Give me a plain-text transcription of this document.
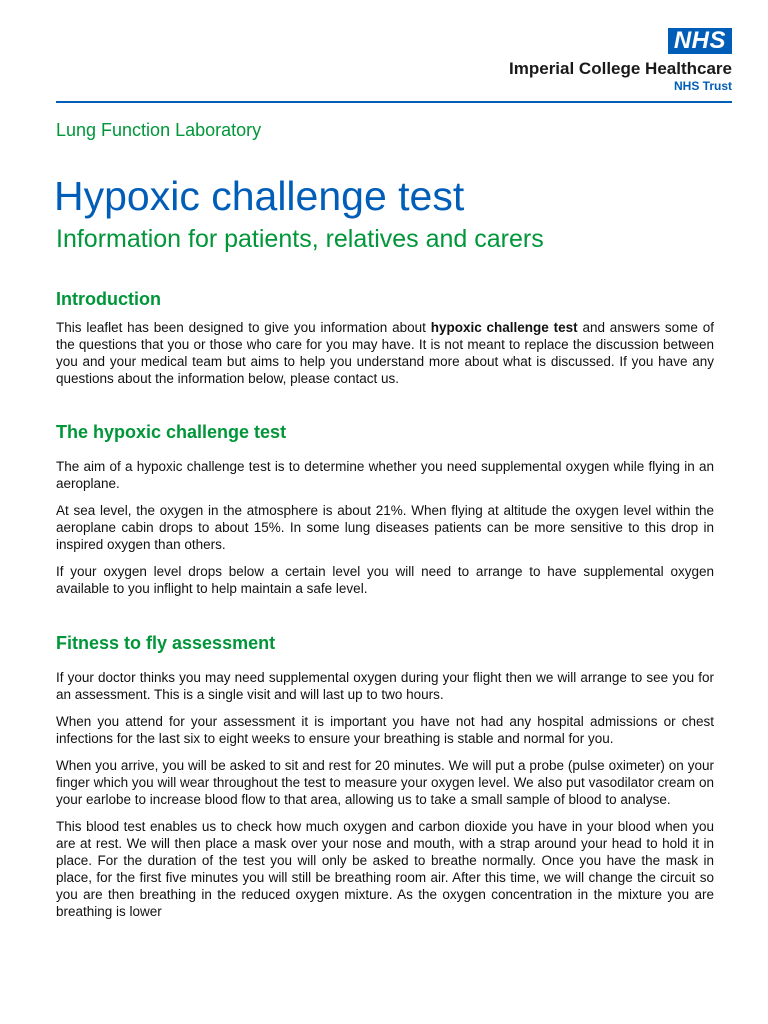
NHS
Imperial College Healthcare
NHS Trust
Lung Function Laboratory
Hypoxic challenge test
Information for patients, relatives and carers
Introduction

This leaflet has been designed to give you information about hypoxic challenge test and answers some of the questions that you or those who care for you may have. It is not meant to replace the discussion between you and your medical team but aims to help you understand more about what is discussed. If you have any questions about the information below, please contact us.

The hypoxic challenge test

The aim of a hypoxic challenge test is to determine whether you need supplemental oxygen while flying in an aeroplane.

At sea level, the oxygen in the atmosphere is about 21%. When flying at altitude the oxygen level within the aeroplane cabin drops to about 15%. In some lung diseases patients can be more sensitive to this drop in inspired oxygen than others.

If your oxygen level drops below a certain level you will need to arrange to have supplemental oxygen available to you inflight to help maintain a safe level.

Fitness to fly assessment

If your doctor thinks you may need supplemental oxygen during your flight then we will arrange to see you for an assessment. This is a single visit and will last up to two hours.

When you attend for your assessment it is important you have not had any hospital admissions or chest infections for the last six to eight weeks to ensure your breathing is stable and normal for you.

When you arrive, you will be asked to sit and rest for 20 minutes. We will put a probe (pulse oximeter) on your finger which you will wear throughout the test to measure your oxygen level. We also put vasodilator cream on your earlobe to increase blood flow to that area, allowing us to take a small sample of blood to analyse.

This blood test enables us to check how much oxygen and carbon dioxide you have in your blood when you are at rest. We will then place a mask over your nose and mouth, with a strap around your head to hold it in place. For the duration of the test you will only be asked to breathe normally. Once you have the mask in place, for the first five minutes you will still be breathing room air. After this time, we will change the circuit so you are then breathing in the reduced oxygen mixture. As the oxygen concentration in the mixture you are breathing is lower
